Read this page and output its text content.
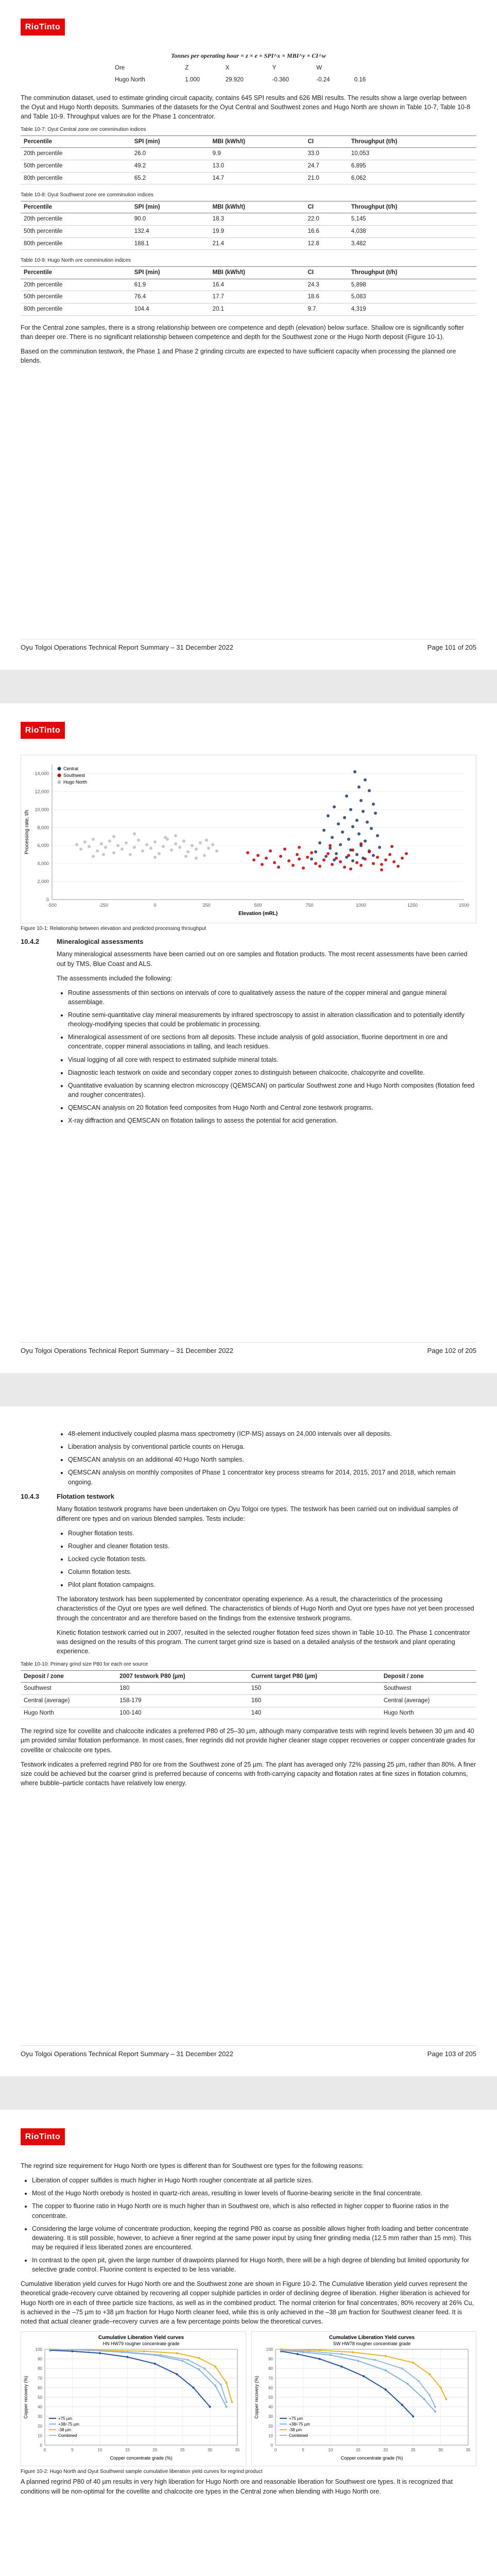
RioTinto
Tonnes per operating hour = z × e + SPI^x × MBI^y × CI^w
Ore	Z	X	Y	W	
Hugo North	1.000	29.920	-0.360	-0.24	0.16

The comminution dataset, used to estimate grinding circuit capacity, contains 645 SPI results and 626 MBI results. The results show a large overlap between the Oyut and Hugo North deposits. Summaries of the datasets for the Oyut Central and Southwest zones and Hugo North are shown in Table 10-7, Table 10-8 and Table 10-9. Throughput values are for the Phase 1 concentrator.

Table 10-7: Oyut Central zone ore comminution indices
Percentile	SPI (min)	MBI (kWh/t)	CI	Throughput (t/h)
20th percentile	26.0	9.9	33.0	10,053
50th percentile	49.2	13.0	24.7	6,895
80th percentile	65.2	14.7	21.0	6,062
Table 10-8: Oyut Southwest zone ore comminution indices
Percentile	SPI (min)	MBI (kWh/t)	CI	Throughput (t/h)
20th percentile	90.0	18.3	22.0	5,145
50th percentile	132.4	19.9	16.6	4,038
80th percentile	188.1	21.4	12.8	3,482
Table 10-9: Hugo North ore comminution indices
Percentile	SPI (min)	MBI (kWh/t)	CI	Throughput (t/h)
20th percentile	61.9	16.4	24.3	5,898
50th percentile	76.4	17.7	18.6	5,083
80th percentile	104.4	20.1	9.7	4,319

For the Central zone samples, there is a strong relationship between ore competence and depth (elevation) below surface. Shallow ore is significantly softer than deeper ore. There is no significant relationship between competence and depth for the Southwest zone or the Hugo North deposit (Figure 10-1).

Based on the comminution testwork, the Phase 1 and Phase 2 grinding circuits are expected to have sufficient capacity when processing the planned ore blends.

Oyu Tolgoi Operations Technical Report Summary – 31 December 2022	Page 101 of 205
RioTinto
0
2,000
4,000
6,000
8,000
10,000
12,000
14,000
-500	-250	0	250	500	750	1000	1250	1500
Elevation (mRL)
Processing rate, t/h
Central
Southwest
Hugo North
Figure 10-1: Relationship between elevation and predicted processing throughput
10.4.2	Mineralogical assessments

Many mineralogical assessments have been carried out on ore samples and flotation products. The most recent assessments have been carried out by TMS, Blue Coast and ALS.

The assessments included the following:

• Routine assessments of thin sections on intervals of core to qualitatively assess the nature of the copper mineral and gangue mineral assemblage.
• Routine semi-quantitative clay mineral measurements by infrared spectroscopy to assist in alteration classification and to potentially identify rheology-modifying species that could be problematic in processing.
• Mineralogical assessment of ore sections from all deposits. These include analysis of gold association, fluorine deportment in ore and concentrate, copper mineral associations in talling, and leach residues.
• Visual logging of all core with respect to estimated sulphide mineral totals.
• Diagnostic leach testwork on oxide and secondary copper zones to distinguish between chalcocite, chalcopyrite and covellite.
• Quantitative evaluation by scanning electron microscopy (QEMSCAN) on particular Southwest zone and Hugo North composites (flotation feed and rougher concentrates).
• QEMSCAN analysis on 20 flotation feed composites from Hugo North and Central zone testwork programs.
• X-ray diffraction and QEMSCAN on flotation tailings to assess the potential for acid generation.
Oyu Tolgoi Operations Technical Report Summary – 31 December 2022	Page 102 of 205
• 48-element inductively coupled plasma mass spectrometry (ICP-MS) assays on 24,000 intervals over all deposits.
• Liberation analysis by conventional particle counts on Heruga.
• QEMSCAN analysis on an additional 40 Hugo North samples.
• QEMSCAN analysis on monthly composites of Phase 1 concentrator key process streams for 2014, 2015, 2017 and 2018, which remain ongoing.
10.4.3	Flotation testwork

Many flotation testwork programs have been undertaken on Oyu Tolgoi ore types. The testwork has been carried out on individual samples of different ore types and on various blended samples. Tests include:

• Rougher flotation tests.
• Rougher and cleaner flotation tests.
• Locked cycle flotation tests.
• Column flotation tests.
• Pilot plant flotation campaigns.

The laboratory testwork has been supplemented by concentrator operating experience. As a result, the characteristics of the processing characteristics of the Oyut ore types are well defined. The characteristics of blends of Hugo North and Oyut ore types have not yet been processed through the concentrator and are therefore based on the findings from the extensive testwork programs.

Kinetic flotation testwork carried out in 2007, resulted in the selected rougher flotation feed sizes shown in Table 10-10. The Phase 1 concentrator was designed on the results of this program. The current target grind size is based on a detailed analysis of the testwork and plant operating experience.

Table 10-10: Primary grind size P80 for each ore source
Deposit / zone	2007 testwork P80 (µm)	Current target P80 (µm)	Deposit / zone
Southwest	180	150	Southwest
Central (average)	158-179	160	Central (average)
Hugo North	100-140	140	Hugo North

The regrind size for covellite and chalcocite indicates a preferred P80 of 25–30 µm, although many comparative tests with regrind levels between 30 µm and 40 µm provided similar flotation performance. In most cases, finer regrinds did not provide higher cleaner stage copper recoveries or copper concentrate grades for covellite or chalcocite ore types.

Testwork indicates a preferred regrind P80 for ore from the Southwest zone of 25 µm. The plant has averaged only 72% passing 25 µm, rather than 80%. A finer size could be achieved but the coarser grind is preferred because of concerns with froth-carrying capacity and flotation rates at fine sizes in flotation columns, where bubble–particle contacts have relatively low energy.

Oyu Tolgoi Operations Technical Report Summary – 31 December 2022	Page 103 of 205
RioTinto

The regrind size requirement for Hugo North ore types is different than for Southwest ore types for the following reasons:

• Liberation of copper sulfides is much higher in Hugo North rougher concentrate at all particle sizes.
• Most of the Hugo North orebody is hosted in quartz-rich areas, resulting in lower levels of fluorine-bearing sericite in the final concentrate.
• The copper to fluorine ratio in Hugo North ore is much higher than in Southwest ore, which is also reflected in higher copper to fluorine ratios in the concentrate.
• Considering the large volume of concentrate production, keeping the regrind P80 as coarse as possible allows higher froth loading and better concentrate dewatering. It is still possible, however, to achieve a finer regrind at the same power input by using finer grinding media (12.5 mm rather than 15 mm). This may be required if less liberated zones are encountered.
• In contrast to the open pit, given the large number of drawpoints planned for Hugo North, there will be a high degree of blending but limited opportunity for selective grade control. Fluorine content is expected to be less variable.

Cumulative liberation yield curves for Hugo North ore and the Southwest zone are shown in Figure 10-2. The Cumulative liberation yield curves represent the theoretical grade-recovery curve obtained by recovering all copper sulphide particles in order of declining degree of liberation. Higher liberation is achieved for Hugo North ore in each of three particle size fractions, as well as in the combined product. The normal criterion for final concentrates, 80% recovery at 26% Cu, is achieved in the –75 µm to +38 µm fraction for Hugo North cleaner feed, while this is only achieved in the –38 µm fraction for Southwest cleaner feed. It is noted that actual cleaner grade–recovery curves are a few percentage points below the theoretical curves.

Cumulative Liberation Yield curves
HN HW79 rougher concentrate grade
0
10
20
30
40
50
60
70
80
90
100
0	5	10	15	20	25	30	35
Copper concentrate grade (%)
Copper recovery (%)	+75 µm
+38/-75 µm
-38 µm
Combined
Cumulative Liberation Yield curves
SW HW78 rougher concentrate grade
0
10
20
30
40
50
60
70
80
90
100
0	5	10	15	20	25	30	35
Copper concentrate grade (%)
Copper recovery (%)	+75 µm
+38/-75 µm
-38 µm
Combined
Figure 10-2: Hugo North and Oyut Southwest sample cumulative liberation yield curves for regrind product

A planned regrind P80 of 40 µm results in very high liberation for Hugo North ore and reasonable liberation for Southwest ore types. It is recognized that conditions will be non-optimal for the covellite and chalcocite ore types in the Central zone when blending with Hugo North ore.
